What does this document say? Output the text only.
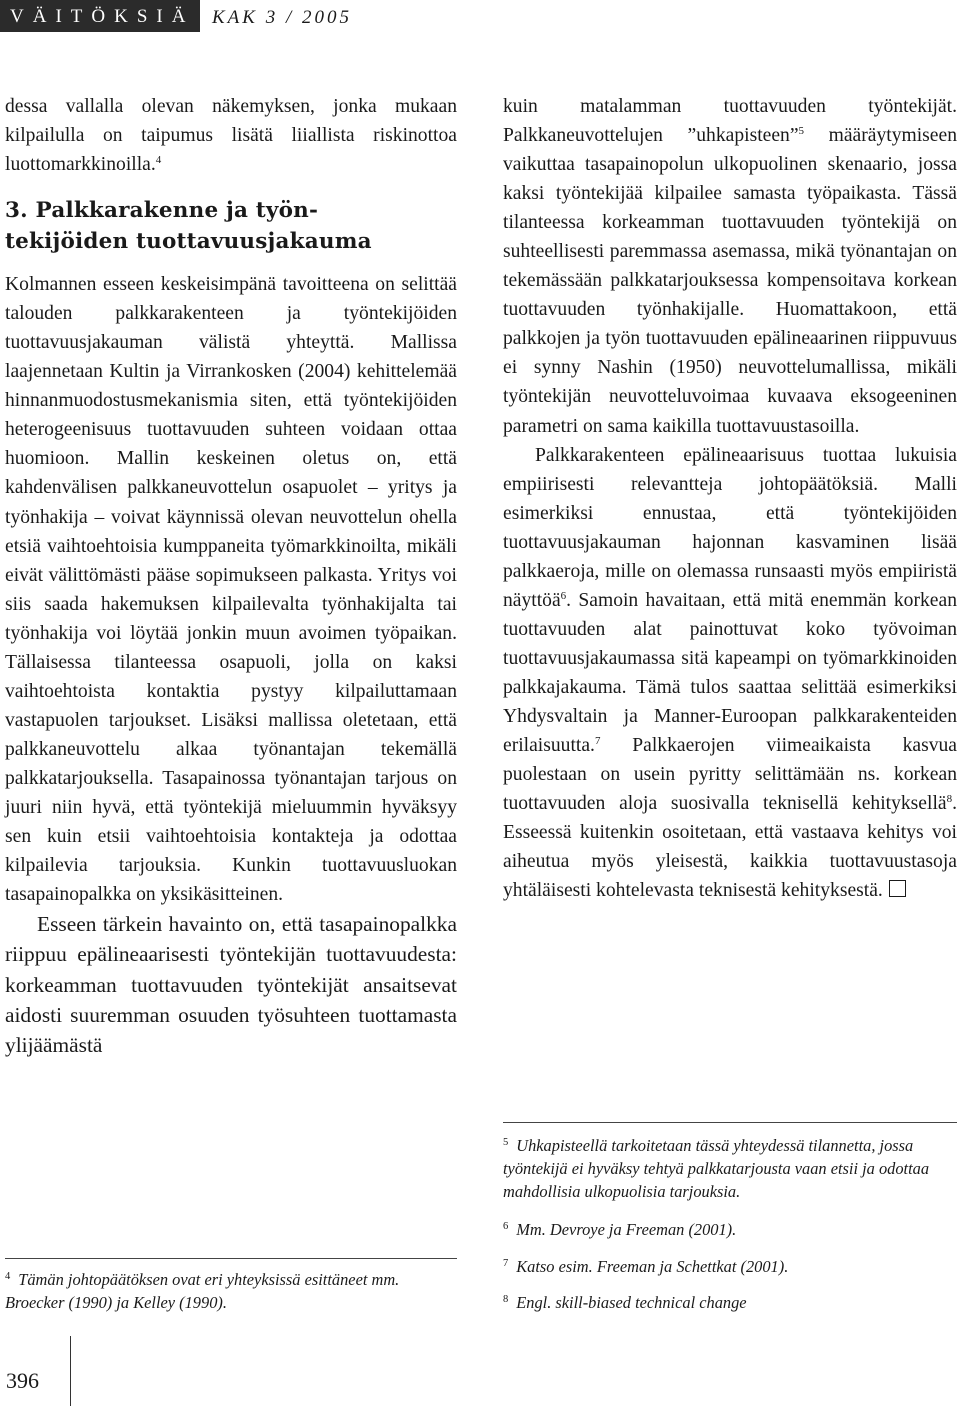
VÄITÖKSIÄ KAK 3 / 2005

dessa vallalla olevan näkemyksen, jonka mukaan kilpailulla on taipumus lisätä liiallista riskinottoa luottomarkkinoilla.$^4$

3. Palkkarakenne ja työn-
tekijöiden tuottavuusjakauma

Kolmannen esseen keskeisimpänä tavoitteena on selittää talouden palkkarakenteen ja työntekijöiden tuottavuusjakauman välistä yhteyttä. Mallissa laajennetaan Kultin ja Virrankosken (2004) kehittelemää hinnanmuodostusmekanismia siten, että työntekijöiden heterogeenisuus tuottavuuden suhteen voidaan ottaa huomioon. Mallin keskeinen oletus on, että kahdenvälisen palkkaneuvottelun osapuolet – yritys ja työnhakija – voivat käynnissä olevan neuvottelun ohella etsiä vaihtoehtoisia kumppaneita työmarkkinoilta, mikäli eivät välittömästi pääse sopimukseen palkasta. Yritys voi siis saada hakemuksen kilpailevalta työnhakijalta tai työnhakija voi löytää jonkin muun avoimen työpaikan. Tällaisessa tilanteessa osapuoli, jolla on kaksi vaihtoehtoista kontaktia pystyy kilpailuttamaan vastapuolen tarjoukset. Lisäksi mallissa oletetaan, että palkkaneuvottelu alkaa työnantajan tekemällä palkkatarjouksella. Tasapainossa työnantajan tarjous on juuri niin hyvä, että työntekijä mieluummin hyväksyy sen kuin etsii vaihtoehtoisia kontakteja ja odottaa kilpailevia tarjouksia. Kunkin tuottavuusluokan tasapainopalkka on yksikäsitteinen.

Esseen tärkein havainto on, että tasapainopalkka riippuu epälineaarisesti työntekijän tuottavuudesta: korkeamman tuottavuuden työntekijät ansaitsevat aidosti suuremman osuuden työsuhteen tuottamasta ylijäämästä

kuin matalamman tuottavuuden työntekijät. Palkkaneuvottelujen ”uhkapisteen”$^5$ määräytymiseen vaikuttaa tasapainopolun ulkopuolinen skenaario, jossa kaksi työntekijää kilpailee samasta työpaikasta. Tässä tilanteessa korkeamman tuottavuuden työntekijä on suhteellisesti paremmassa asemassa, mikä työnantajan on tekemässään palkkatarjouksessa kompensoitava korkean tuottavuuden työnhakijalle. Huomattakoon, että palkkojen ja työn tuottavuuden epälineaarinen riippuvuus ei synny Nashin (1950) neuvottelumallissa, mikäli työntekijän neuvotteluvoimaa kuvaava eksogeeninen parametri on sama kaikilla tuottavuustasoilla.

Palkkarakenteen epälineaarisuus tuottaa lukuisia empiirisesti relevantteja johtopäätöksiä. Malli esimerkiksi ennustaa, että työntekijöiden tuottavuusjakauman hajonnan kasvaminen lisää palkkaeroja, mille on olemassa runsaasti myös empiiristä näyttöä$^6$. Samoin havaitaan, että mitä enemmän korkean tuottavuuden alat painottuvat koko työvoiman tuottavuusjakaumassa sitä kapeampi on työmarkkinoiden palkkajakauma. Tämä tulos saattaa selittää esimerkiksi Yhdysvaltain ja Manner-Euroopan palkkarakenteiden erilaisuutta.$^7$ Palkkaerojen viimeaikaista kasvua puolestaan on usein pyritty selittämään ns. korkean tuottavuuden aloja suosivalla teknisellä kehityksellä$^8$. Esseessä kuitenkin osoitetaan, että vastaava kehitys voi aiheutua myös yleisestä, kaikkia tuottavuustasoja yhtäläisesti kohtelevasta teknisestä kehityksestä.

$^4$ Tämän johtopäätöksen ovat eri yhteyksissä esittäneet mm. Broecker (1990) ja Kelley (1990).

$^5$ Uhkapisteellä tarkoitetaan tässä yhteydessä tilannetta, jossa työntekijä ei hyväksy tehtyä palkkatarjousta vaan etsii ja odottaa mahdollisia ulkopuolisia tarjouksia.

$^6$ Mm. Devroye ja Freeman (2001).

$^7$ Katso esim. Freeman ja Schettkat (2001).

$^8$ Engl. skill-biased technical change

396
